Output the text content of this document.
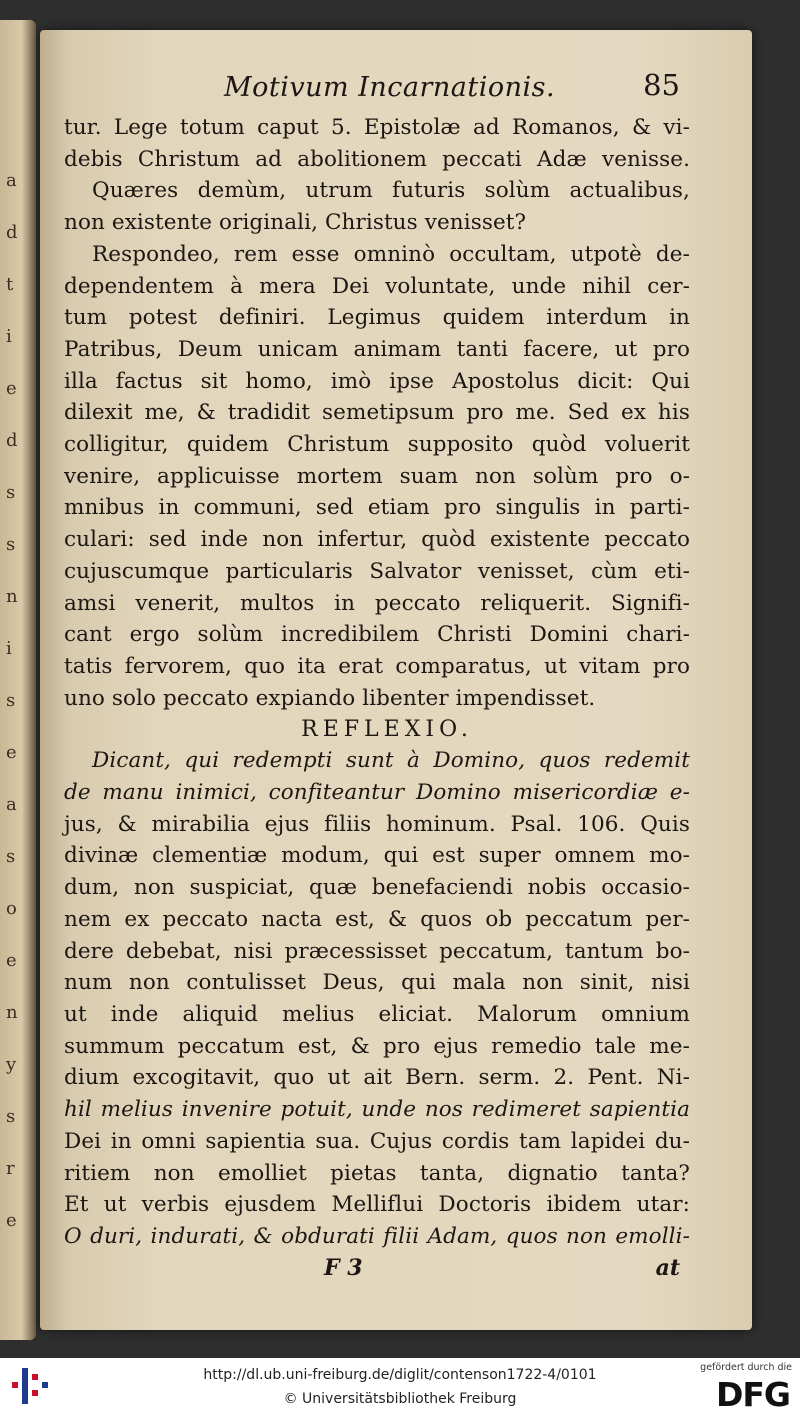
a
d
t
i
e
d
s
s
n
i
s
e
a
s
o
e
n
y
s
r
e
Motivum Incarnationis.	85
tur. Lege totum caput 5. Epistolæ ad Romanos, & vi-
debis Christum ad abolitionem peccati Adæ venisse.
Quæres demùm, utrum futuris solùm actualibus,
non existente originali, Christus venisset?
Respondeo, rem esse omninò occultam, utpotè de-
dependentem à mera Dei voluntate, unde nihil cer-
tum potest definiri. Legimus quidem interdum in
Patribus, Deum unicam animam tanti facere, ut pro
illa factus sit homo, imò ipse Apostolus dicit: Qui
dilexit me, & tradidit semetipsum pro me. Sed ex his
colligitur, quidem Christum supposito quòd voluerit
venire, applicuisse mortem suam non solùm pro o-
mnibus in communi, sed etiam pro singulis in parti-
culari: sed inde non infertur, quòd existente peccato
cujuscumque particularis Salvator venisset, cùm eti-
amsi venerit, multos in peccato reliquerit. Signifi-
cant ergo solùm incredibilem Christi Domini chari-
tatis fervorem, quo ita erat comparatus, ut vitam pro
uno solo peccato expiando libenter impendisset.
REFLEXIO.
Dicant, qui redempti sunt à Domino, quos redemit
de manu inimici, confiteantur Domino misericordiæ e-
jus, & mirabilia ejus filiis hominum. Psal. 106. Quis
divinæ clementiæ modum, qui est super omnem mo-
dum, non suspiciat, quæ benefaciendi nobis occasio-
nem ex peccato nacta est, & quos ob peccatum per-
dere debebat, nisi præcessisset peccatum, tantum bo-
num non contulisset Deus, qui mala non sinit, nisi
ut inde aliquid melius eliciat. Malorum omnium
summum peccatum est, & pro ejus remedio tale me-
dium excogitavit, quo ut ait Bern. serm. 2. Pent. Ni-
hil melius invenire potuit, unde nos redimeret sapientia
Dei in omni sapientia sua. Cujus cordis tam lapidei du-
ritiem non emolliet pietas tanta, dignatio tanta?
Et ut verbis ejusdem Melliflui Doctoris ibidem utar:
O duri, indurati, & obdurati filii Adam, quos non emolli-
F 3	at
http://dl.ub.uni-freiburg.de/diglit/contenson1722-4/0101
© Universitätsbibliothek Freiburg
gefördert durch die
DFG
